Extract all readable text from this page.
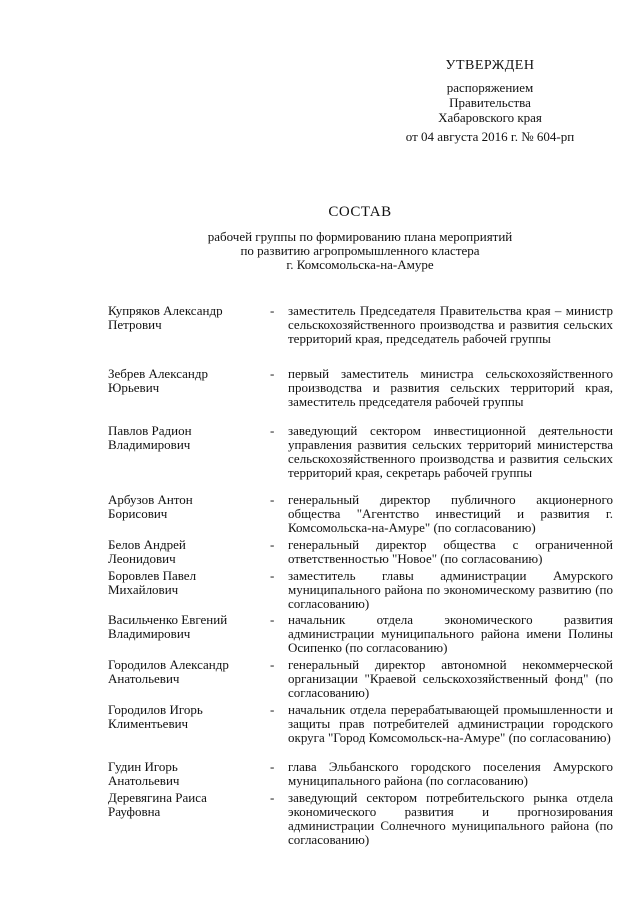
УТВЕРЖДЕН
распоряжением
Правительства
Хабаровского края
от 04 августа 2016 г. № 604-рп
СОСТАВ
рабочей группы по формированию плана мероприятий
по развитию агропромышленного кластера
г. Комсомольска-на-Амуре
Купряков Александр
Петрович
-	заместитель Председателя Правительства края – министр сельскохозяйственного производства и развития сельских территорий края, председатель рабочей группы
Зебрев Александр
Юрьевич
-	первый заместитель министра сельскохозяйственного производства и развития сельских территорий края, заместитель председателя рабочей группы
Павлов Радион
Владимирович
-	заведующий сектором инвестиционной деятельности управления развития сельских территорий министерства сельскохозяйственного производства и развития сельских территорий края, секретарь рабочей группы
Арбузов Антон
Борисович
-	генеральный директор публичного акционерного общества "Агентство инвестиций и развития г. Комсомольска-на-Амуре" (по согласованию)
Белов Андрей
Леонидович
-	генеральный директор общества с ограниченной ответственностью "Новое" (по согласованию)
Боровлев Павел
Михайлович
-	заместитель главы администрации Амурского муниципального района по экономическому развитию (по согласованию)
Васильченко Евгений
Владимирович
-	начальник отдела экономического развития администрации муниципального района имени Полины Осипенко (по согласованию)
Городилов Александр
Анатольевич
-	генеральный директор автономной некоммерческой организации "Краевой сельскохозяйственный фонд" (по согласованию)
Городилов Игорь
Климентьевич
-	начальник отдела перерабатывающей промышленности и защиты прав потребителей администрации городского округа "Город Комсомольск-на-Амуре" (по согласованию)
Гудин Игорь
Анатольевич
-	глава Эльбанского городского поселения Амурского муниципального района (по согласованию)
Деревягина Раиса
Рауфовна
-	заведующий сектором потребительского рынка отдела экономического развития и прогнозирования администрации Солнечного муниципального района (по согласованию)
